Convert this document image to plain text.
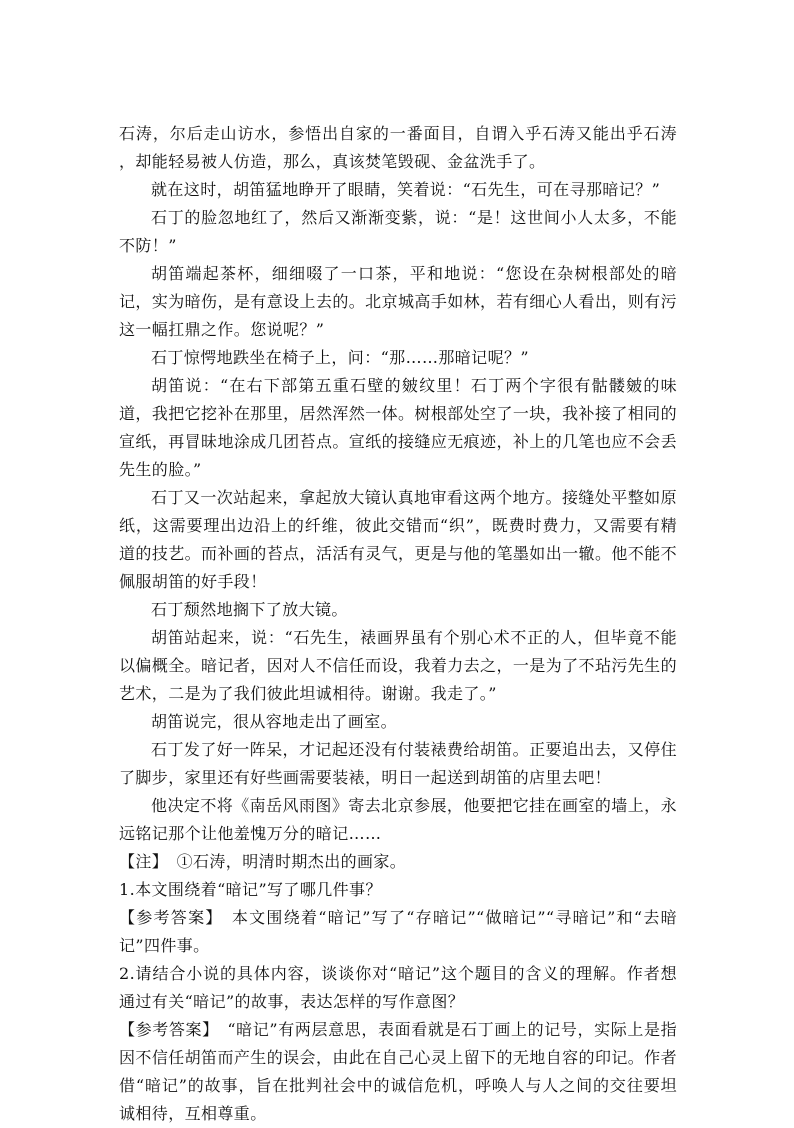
石涛，尔后走山访水，参悟出自家的一番面目，自谓入乎石涛又能出乎石涛 ，却能轻易被人仿造，那么，真该焚笔毁砚、金盆洗手了。

就在这时，胡笛猛地睁开了眼睛，笑着说：“石先生，可在寻那暗记？”

石丁的脸忽地红了，然后又渐渐变紫，说：“是！这世间小人太多，不能不防！”

胡笛端起茶杯，细细啜了一口茶，平和地说：“您设在杂树根部处的暗 记，实为暗伤，是有意设上去的。北京城高手如林，若有细心人看出，则有污这一幅扛鼎之作。您说呢？”

石丁惊愕地跌坐在椅子上，问：“那……那暗记呢？”

胡笛说：“在右下部第五重石壁的皴纹里！石丁两个字很有骷髅皴的味道，我把它挖补在那里，居然浑然一体。树根部处空了一块，我补接了相同的宣纸，再冒昧地涂成几团苔点。宣纸的接缝应无痕迹，补上的几笔也应不会丢先生的脸。”

石丁又一次站起来，拿起放大镜认真地审看这两个地方。接缝处平整如原纸，这需要理出边沿上的纤维，彼此交错而“织”，既费时费力，又需要有精道的技艺。而补画的苔点，活活有灵气，更是与他的笔墨如出一辙。他不能不佩服胡笛的好手段！

石丁颓然地搁下了放大镜。

胡笛站起来，说：“石先生，裱画界虽有个别心术不正的人，但毕竟不能以偏概全。暗记者，因对人不信任而设，我着力去之，一是为了不玷污先生的艺术，二是为了我们彼此坦诚相待。谢谢。我走了。”

胡笛说完，很从容地走出了画室。

石丁发了好一阵呆，才记起还没有付装裱费给胡笛。正要追出去，又停住了脚步，家里还有好些画需要装裱，明日一起送到胡笛的店里去吧！

他决定不将《南岳风雨图》寄去北京参展，他要把它挂在画室的墙上，永远铭记那个让他羞愧万分的暗记……

【注】　①石涛，明清时期杰出的画家。

1.本文围绕着“暗记”写了哪几件事？

【参考答案】　本文围绕着“暗记”写了“存暗记”“做暗记”“寻暗记”和“去暗记”四件事。

2.请结合小说的具体内容，谈谈你对“暗记”这个题目的含义的理解。作者想通过有关“暗记”的故事，表达怎样的写作意图？

【参考答案】　“暗记”有两层意思，表面看就是石丁画上的记号，实际上是指因不信任胡笛而产生的误会，由此在自己心灵上留下的无地自容的印记。作者借“暗记”的故事，旨在批判社会中的诚信危机，呼唤人与人之间的交往要坦诚相待，互相尊重。
